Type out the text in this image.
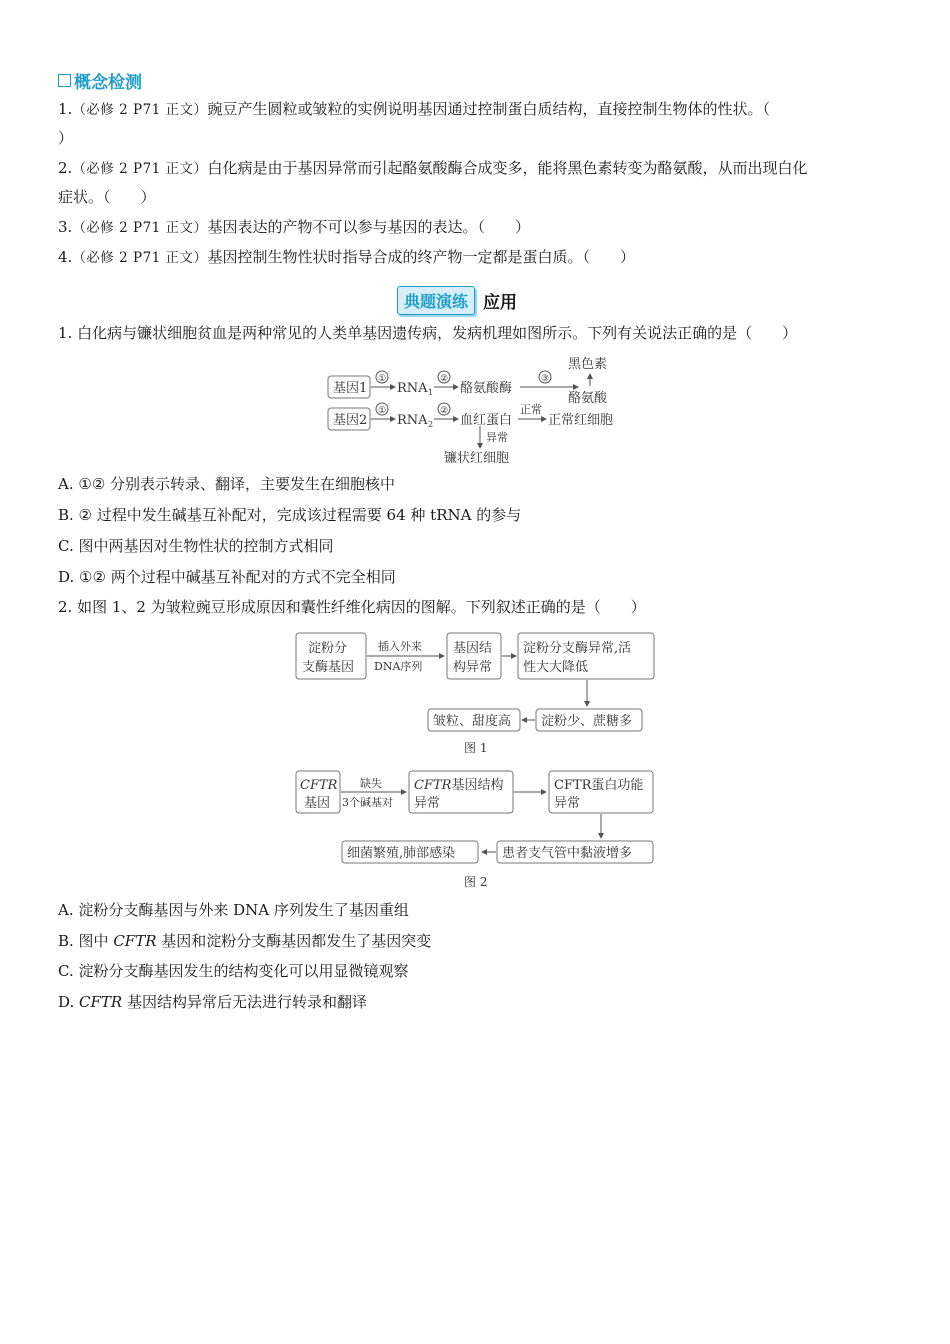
概念检测
1.（必修 2 P71 正文）豌豆产生圆粒或皱粒的实例说明基因通过控制蛋白质结构，直接控制生物体的性状。（
）
2.（必修 2 P71 正文）白化病是由于基因异常而引起酪氨酸酶合成变多，能将黑色素转变为酪氨酸，从而出现白化
症状。（　　）
3.（必修 2 P71 正文）基因表达的产物不可以参与基因的表达。（　　）
4.（必修 2 P71 正文）基因控制生物性状时指导合成的终产物一定都是蛋白质。（　　）
典题演练 应用
1. 白化病与镰状细胞贫血是两种常见的人类单基因遗传病，发病机理如图所示。下列有关说法正确的是（　　）
基因1
①
RNA 1
②
酪氨酸酶
③
黑色素
酪氨酸
基因2
①
RNA 2
②
血红蛋白
正常
正常红细胞
异常
镰状红细胞
A. ①② 分别表示转录、翻译，主要发生在细胞核中
B. ② 过程中发生碱基互补配对，完成该过程需要 64 种 tRNA 的参与
C. 图中两基因对生物性状的控制方式相同
D. ①② 两个过程中碱基互补配对的方式不完全相同
2. 如图 1、2 为皱粒豌豆形成原因和囊性纤维化病因的图解。下列叙述正确的是（　　）
淀粉分
支酶基因
插入外来
DNA序列
基因结
构异常
淀粉分支酶异常,活
性大大降低
淀粉少、蔗糖多
皱粒、甜度高
图 1
CFTR
基因
缺失
3个碱基对
CFTR基因结构
异常
CFTR蛋白功能
异常
患者支气管中黏液增多
细菌繁殖,肺部感染
图 2
A. 淀粉分支酶基因与外来 DNA 序列发生了基因重组
B. 图中 CFTR 基因和淀粉分支酶基因都发生了基因突变
C. 淀粉分支酶基因发生的结构变化可以用显微镜观察
D. CFTR 基因结构异常后无法进行转录和翻译
